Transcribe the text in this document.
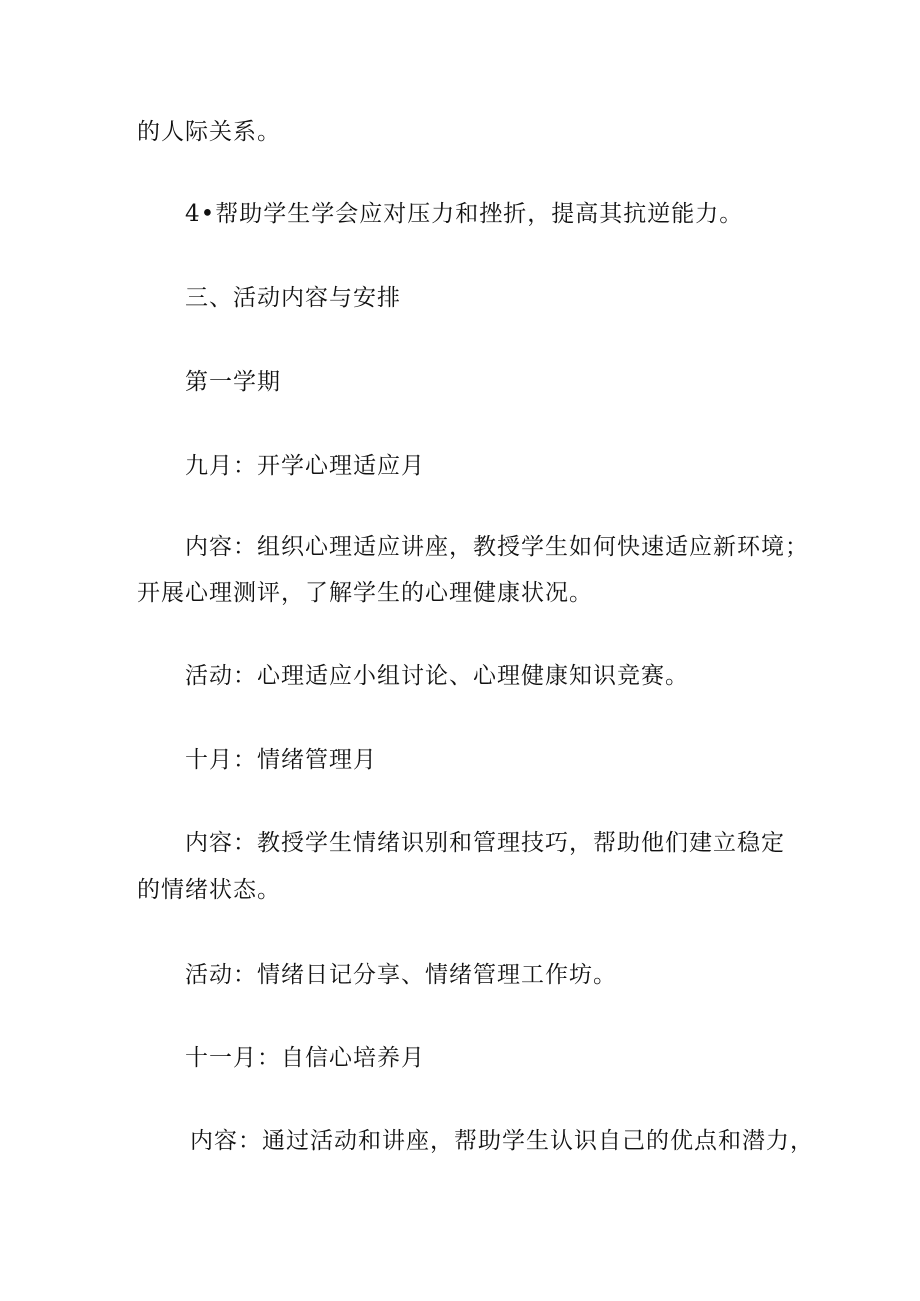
的人际关系。
4•帮助学生学会应对压力和挫折，提高其抗逆能力。
三、活动内容与安排
第一学期
九月：开学心理适应月
内容：组织心理适应讲座，教授学生如何快速适应新环境；
开展心理测评，了解学生的心理健康状况。
活动：心理适应小组讨论、心理健康知识竞赛。
十月：情绪管理月
内容：教授学生情绪识别和管理技巧，帮助他们建立稳定
的情绪状态。
活动：情绪日记分享、情绪管理工作坊。
十一月：自信心培养月
内容：通过活动和讲座，帮助学生认识自己的优点和潜力，
